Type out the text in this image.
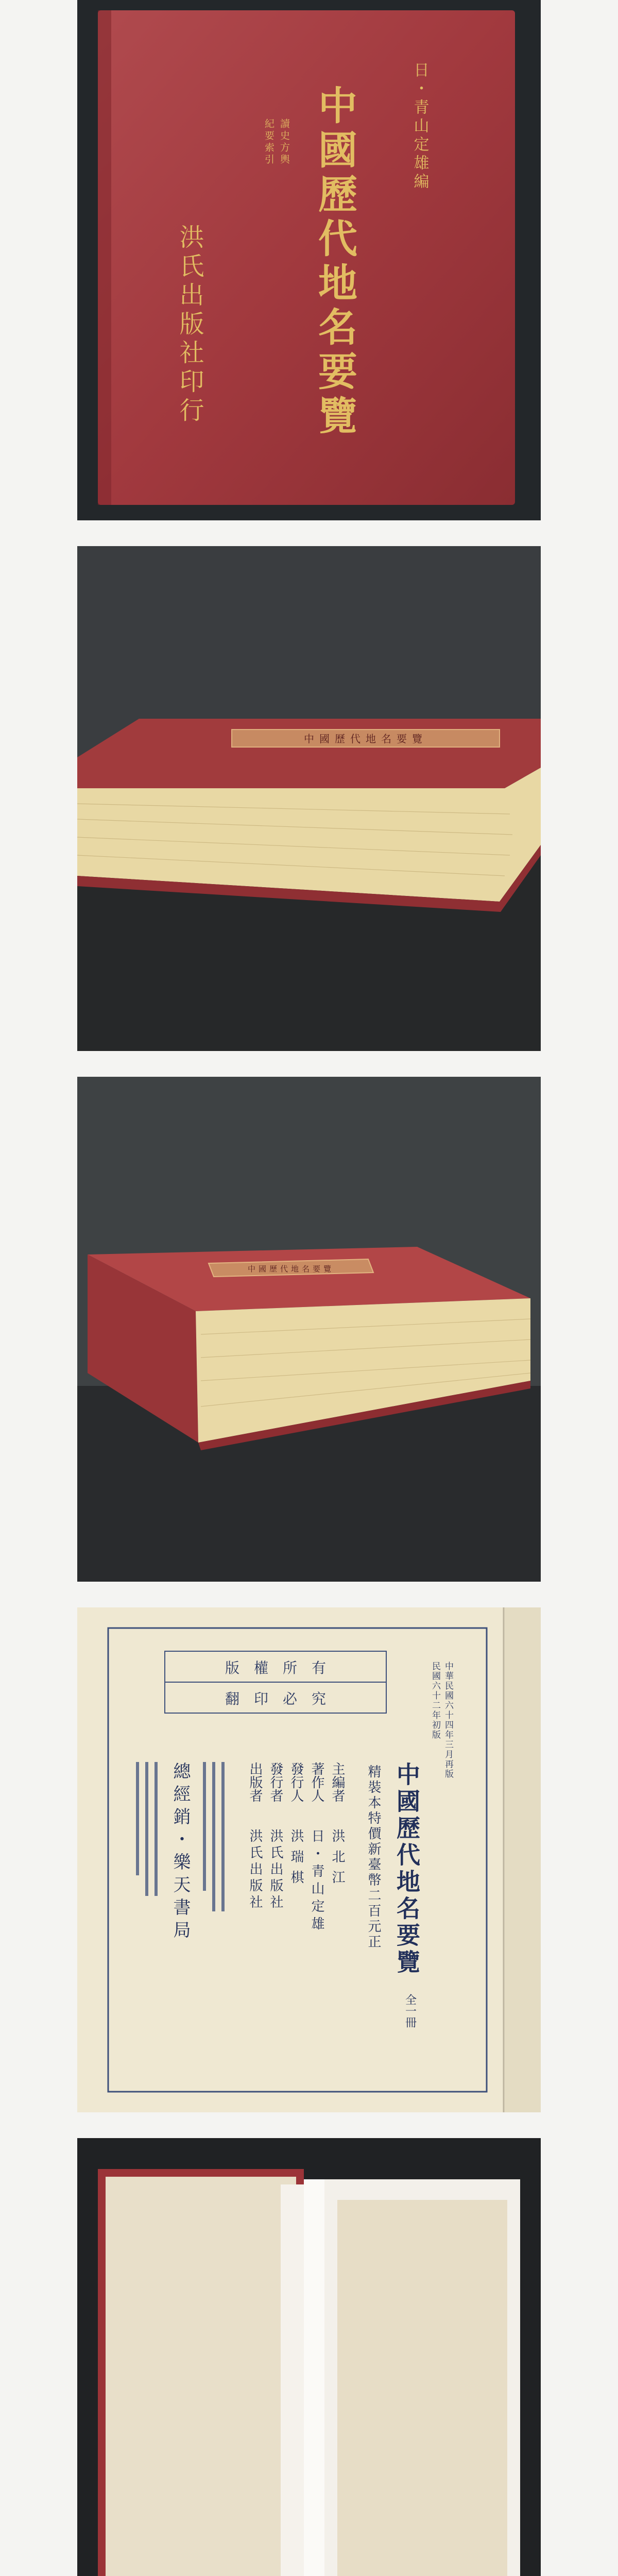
日・青山定雄編
讀史方輿
紀要索引 中國歷代地名要覽
洪氏出版社印行
中國歷代地名要覽
中國歷代地名要覽
版　權　所　有
翻　印　必　究	中華民國六十四年三月再版
民國六十二年初版
中國歷代地名要覽
全一冊
精裝本特價新臺幣二百元正
主編者
洪北江
著作人
日・青山定雄
發行人
洪瑞棋
發行者
洪氏出版社
出版者
洪氏出版社
總經銷・樂天書局
